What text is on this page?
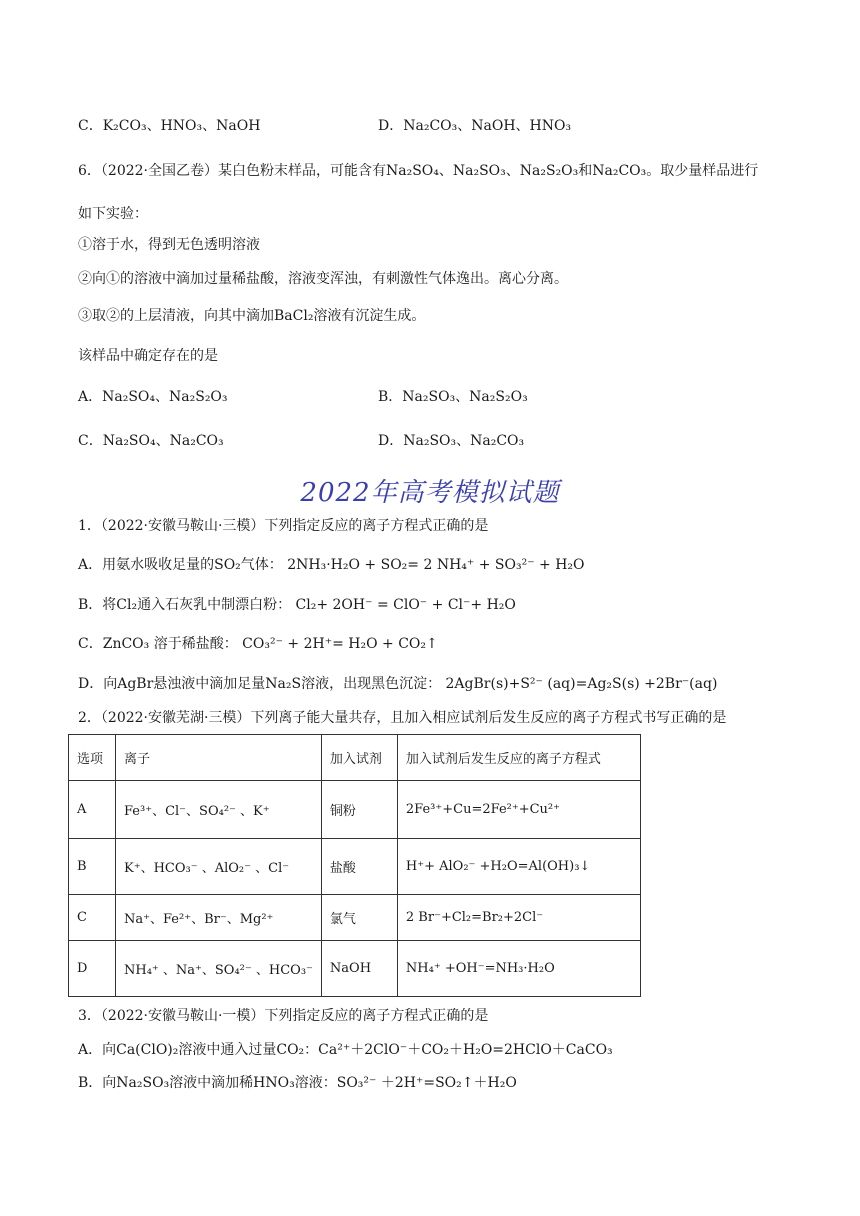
C．K₂CO₃、HNO₃、NaOH	D．Na₂CO₃、NaOH、HNO₃
6．（2022·全国乙卷）某白色粉末样品，可能含有Na₂SO₄、Na₂SO₃、Na₂S₂O₃和Na₂CO₃。取少量样品进行
如下实验：
①溶于水，得到无色透明溶液
②向①的溶液中滴加过量稀盐酸，溶液变浑浊，有刺激性气体逸出。离心分离。
③取②的上层清液，向其中滴加BaCl₂溶液有沉淀生成。
该样品中确定存在的是
A．Na₂SO₄、Na₂S₂O₃	B．Na₂SO₃、Na₂S₂O₃
C．Na₂SO₄、Na₂CO₃	D．Na₂SO₃、Na₂CO₃
2022年高考模拟试题
1．（2022·安徽马鞍山·三模）下列指定反应的离子方程式正确的是
A．用氨水吸收足量的SO₂气体： 2NH₃·H₂O + SO₂= 2 NH₄⁺ + SO₃²⁻ + H₂O
B．将Cl₂通入石灰乳中制漂白粉： Cl₂+ 2OH⁻ = ClO⁻ + Cl⁻+ H₂O
C．ZnCO₃ 溶于稀盐酸： CO₃²⁻ + 2H⁺= H₂O + CO₂↑
D．向AgBr悬浊液中滴加足量Na₂S溶液，出现黑色沉淀： 2AgBr(s)+S²⁻ (aq)=Ag₂S(s) +2Br⁻(aq)
2．（2022·安徽芜湖·三模）下列离子能大量共存，且加入相应试剂后发生反应的离子方程式书写正确的是
选项	离子	加入试剂	加入试剂后发生反应的离子方程式
A	Fe³⁺、Cl⁻、SO₄²⁻ 、K⁺	铜粉	2Fe³⁺+Cu=2Fe²⁺+Cu²⁺
B	K⁺、HCO₃⁻ 、AlO₂⁻ 、Cl⁻	盐酸	H⁺+ AlO₂⁻ +H₂O=Al(OH)₃↓
C	Na⁺、Fe²⁺、Br⁻、Mg²⁺	氯气	2 Br⁻+Cl₂=Br₂+2Cl⁻
D	NH₄⁺ 、Na⁺、SO₄²⁻ 、HCO₃⁻	NaOH	NH₄⁺ +OH⁻=NH₃·H₂O
3．（2022·安徽马鞍山·一模）下列指定反应的离子方程式正确的是
A．向Ca(ClO)₂溶液中通入过量CO₂：Ca²⁺＋2ClO⁻＋CO₂＋H₂O=2HClO＋CaCO₃
B．向Na₂SO₃溶液中滴加稀HNO₃溶液：SO₃²⁻ ＋2H⁺=SO₂↑＋H₂O
